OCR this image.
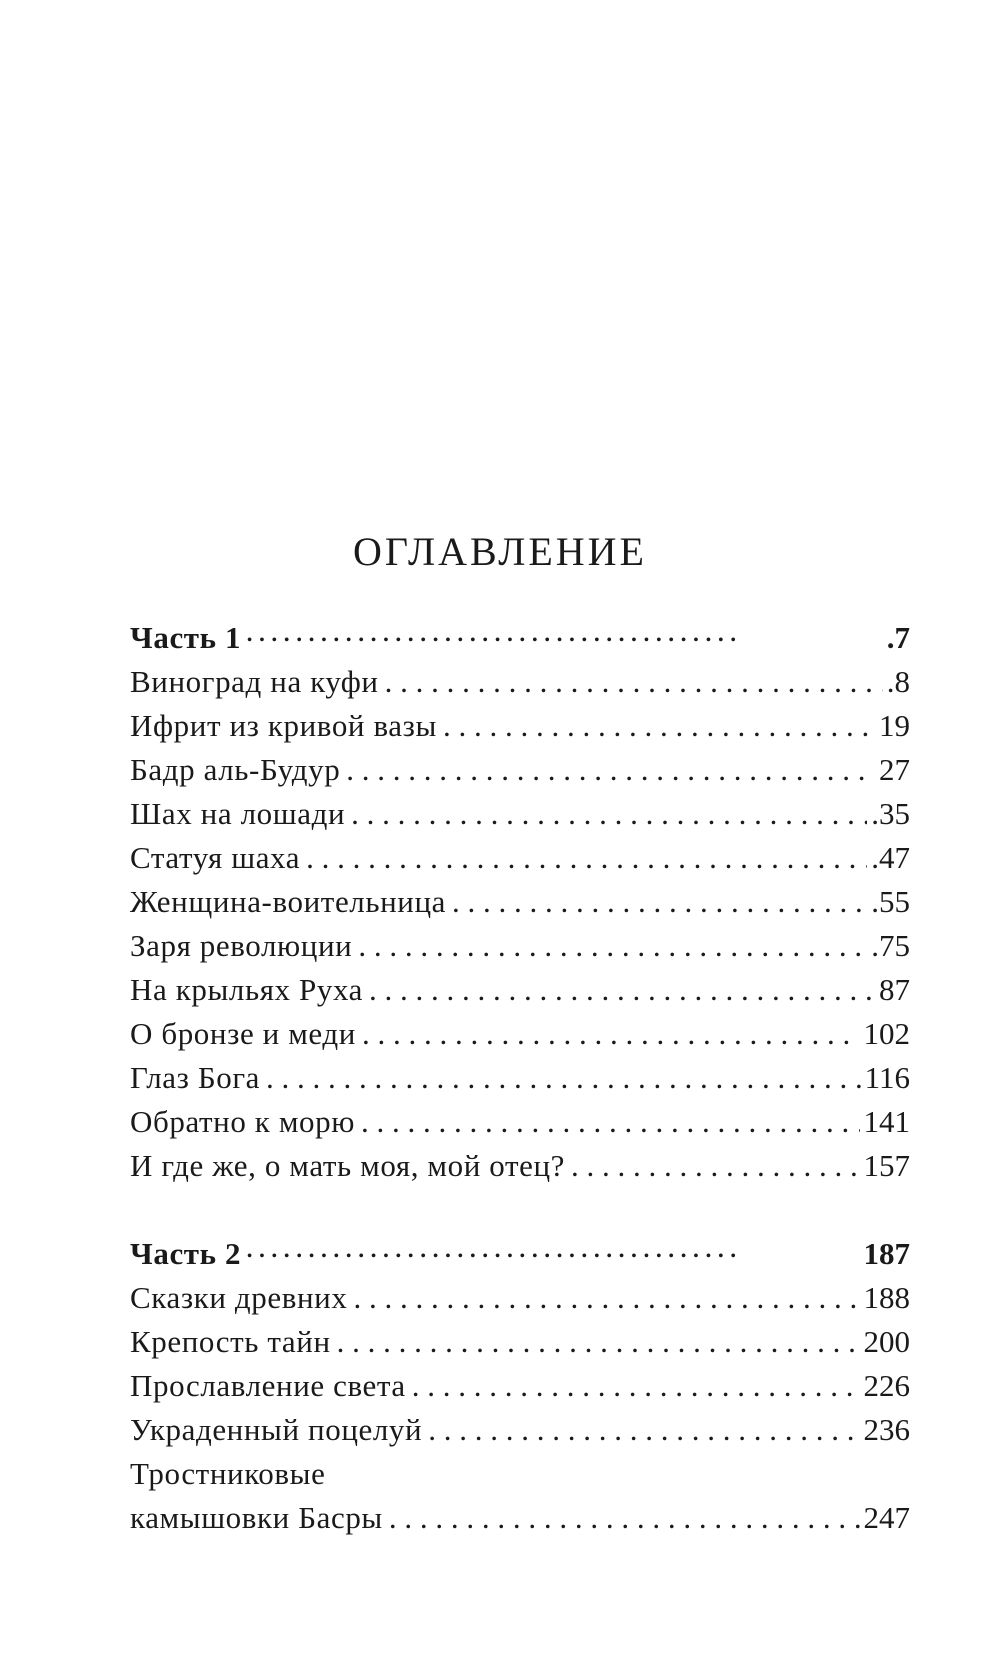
ОГЛАВЛЕНИЕ
Часть 1 • • •	.7
Виноград на куфи . . .	.8
Ифрит из кривой вазы . . .	19
Бадр аль-Будур . . .	27
Шах на лошади . . .	.35
Статуя шаха . . .	.47
Женщина-воительница . . .	.55
Заря революции . . .	.75
На крыльях Руха . . .	87
О бронзе и меди . . .	102
Глаз Бога . . .	116
Обратно к морю . . .	141
И где же, о мать моя, мой отец? . . .	157
Часть 2 • • •	187
Сказки древних . . .	188
Крепость тайн . . .	200
Прославление света . . .	226
Украденный поцелуй . . .	236
Тростниковые
камышовки Басры . . .	247
